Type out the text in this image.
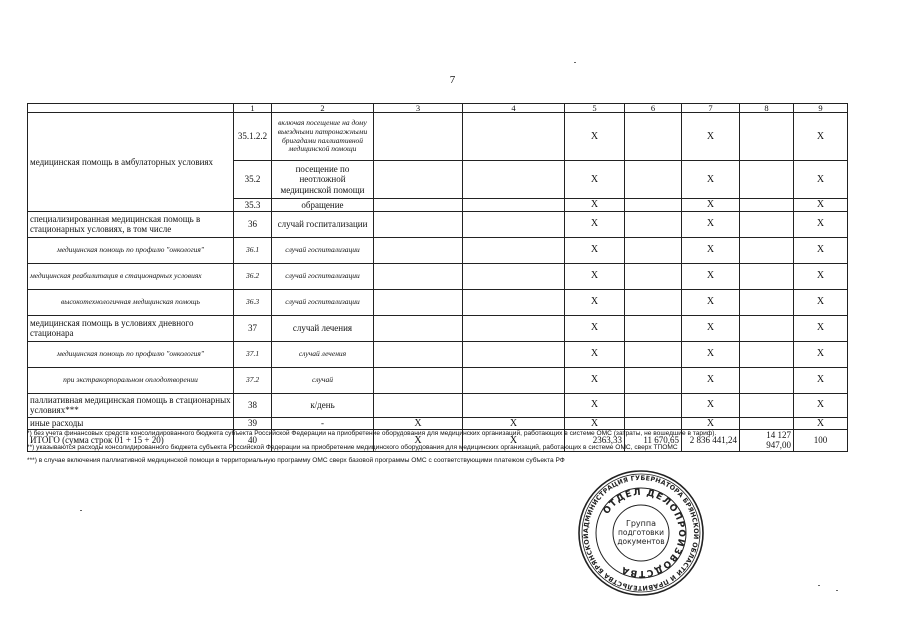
7
	1	2	3	4	5	6	7	8	9
медицинская помощь в амбулаторных условиях	35.1.2.2	включая посещение на дому выездными патронажными бригадами паллиативной медицинской помощи			X		X		X
	35.2	посещение по неотложной медицинской помощи			X		X		X
	35.3	обращение			X		X		X
специализированная медицинская помощь в стационарных условиях, в том числе	36	случай госпитализации			X		X		X
медицинская помощь по профилю "онкология"	36.1	случай госпитализации			X		X		X
медицинская реабилитация в стационарных условиях	36.2	случай госпитализации			X		X		X
высокотехнологичная медицинская помощь	36.3	случай госпитализации			X		X		X
медицинская помощь в условиях дневного стационара	37	случай лечения			X		X		X
медицинская помощь по профилю "онкология"	37.1	случай лечения			X		X		X
при экстракорпоральном оплодотворении	37.2	случай			X		X		X
паллиативная медицинская помощь в стационарных условиях***	38	к/день			X		X		X
иные расходы	39	-	X	X	X		X		X
ИТОГО (сумма строк 01 + 15 + 20)	40		X	X	2363,33	11 670,65	2 836 441,24	14 127 947,00	100
*) без учета финансовых средств консолидированного бюджета субъекта Российской Федерации на приобретение оборудования для медицинских организаций, работающих в системе ОМС (затраты, не вошедшие в тариф).
**) указываются расходы консолидированного бюджета субъекта Российской Федерации на приобретение медицинского оборудования для медицинских организаций, работающих в системе ОМС, сверх ТПОМС
***) в случае включения паллиативной медицинской помощи в территориальную программу ОМС сверх базовой программы ОМС с соответствующими платежом субъекта РФ
АДМИНИСТРАЦИЯ ГУБЕРНАТОРА БРЯНСКОЙ ОБЛАСТИ И ПРАВИТЕЛЬСТВА БРЯНСКОЙ
ОТДЕЛ ДЕЛОПРОИЗВОДСТВА
Группа
подготовки
документов
